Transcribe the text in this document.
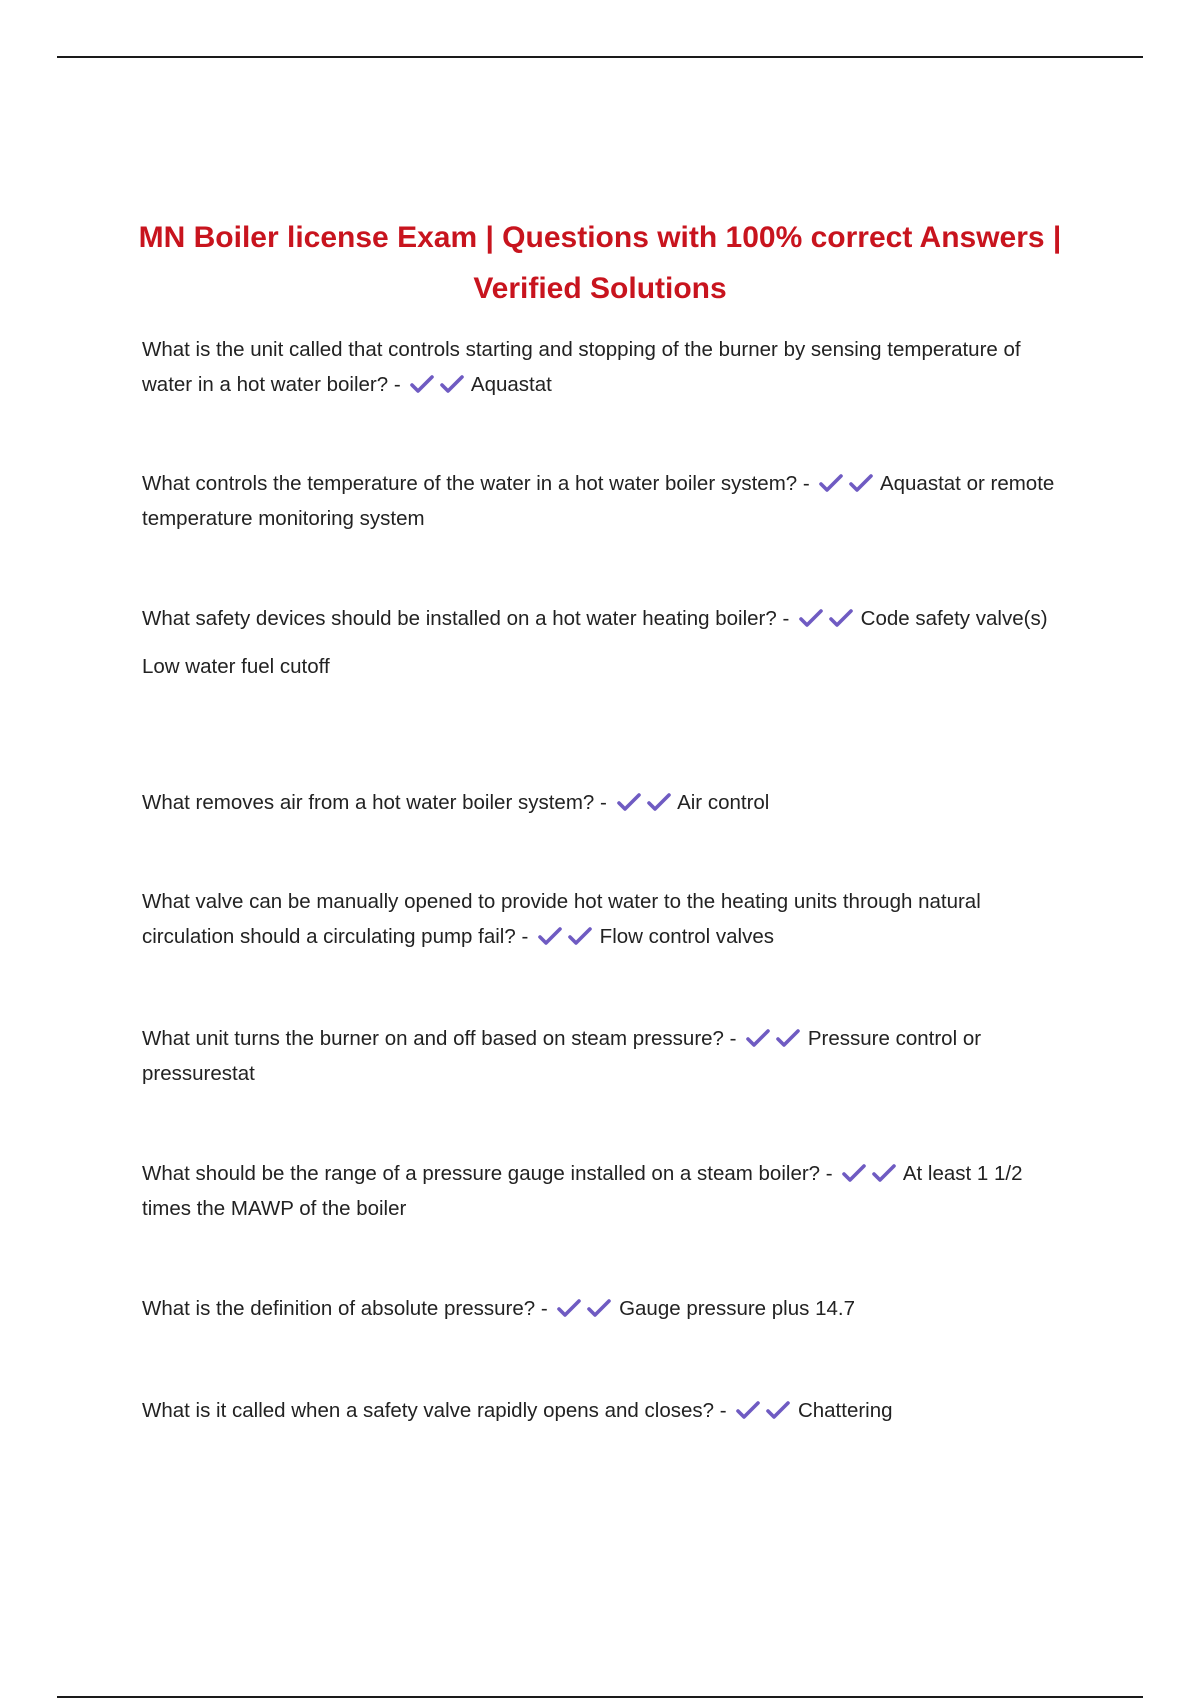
MN Boiler license Exam | Questions with 100% correct Answers | Verified Solutions

What is the unit called that controls starting and stopping of the burner by sensing temperature of water in a hot water boiler? -	Aquastat

What controls the temperature of the water in a hot water boiler system? -	Aquastat or remote temperature monitoring system

What safety devices should be installed on a hot water heating boiler? -	Code safety valve(s)

Low water fuel cutoff

What removes air from a hot water boiler system? -	Air control

What valve can be manually opened to provide hot water to the heating units through natural circulation should a circulating pump fail? -	Flow control valves

What unit turns the burner on and off based on steam pressure? -	Pressure control or pressurestat

What should be the range of a pressure gauge installed on a steam boiler? -	At least 1 1/2 times the MAWP of the boiler

What is the definition of absolute pressure? -	Gauge pressure plus 14.7

What is it called when a safety valve rapidly opens and closes? -	Chattering
